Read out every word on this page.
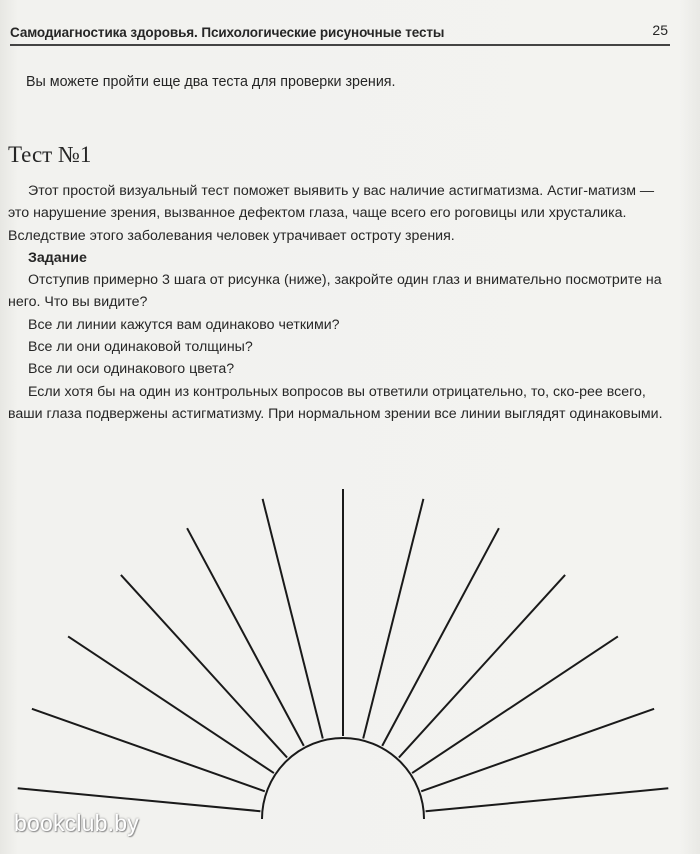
Самодиагностика здоровья. Психологические рисуночные тесты	25
Вы можете пройти еще два теста для проверки зрения.
Тест №1

Этот простой визуальный тест поможет выявить у вас наличие астигматизма. Астиг-матизм — это нарушение зрения, вызванное дефектом глаза, чаще всего его роговицы или хрусталика. Вследствие этого заболевания человек утрачивает остроту зрения.

Задание

Отступив примерно 3 шага от рисунка (ниже), закройте один глаз и внимательно посмотрите на него. Что вы видите?

Все ли линии кажутся вам одинаково четкими?

Все ли они одинаковой толщины?

Все ли оси одинакового цвета?

Если хотя бы на один из контрольных вопросов вы ответили отрицательно, то, ско-рее всего, ваши глаза подвержены астигматизму. При нормальном зрении все линии выглядят одинаковыми.

bookclub.by
